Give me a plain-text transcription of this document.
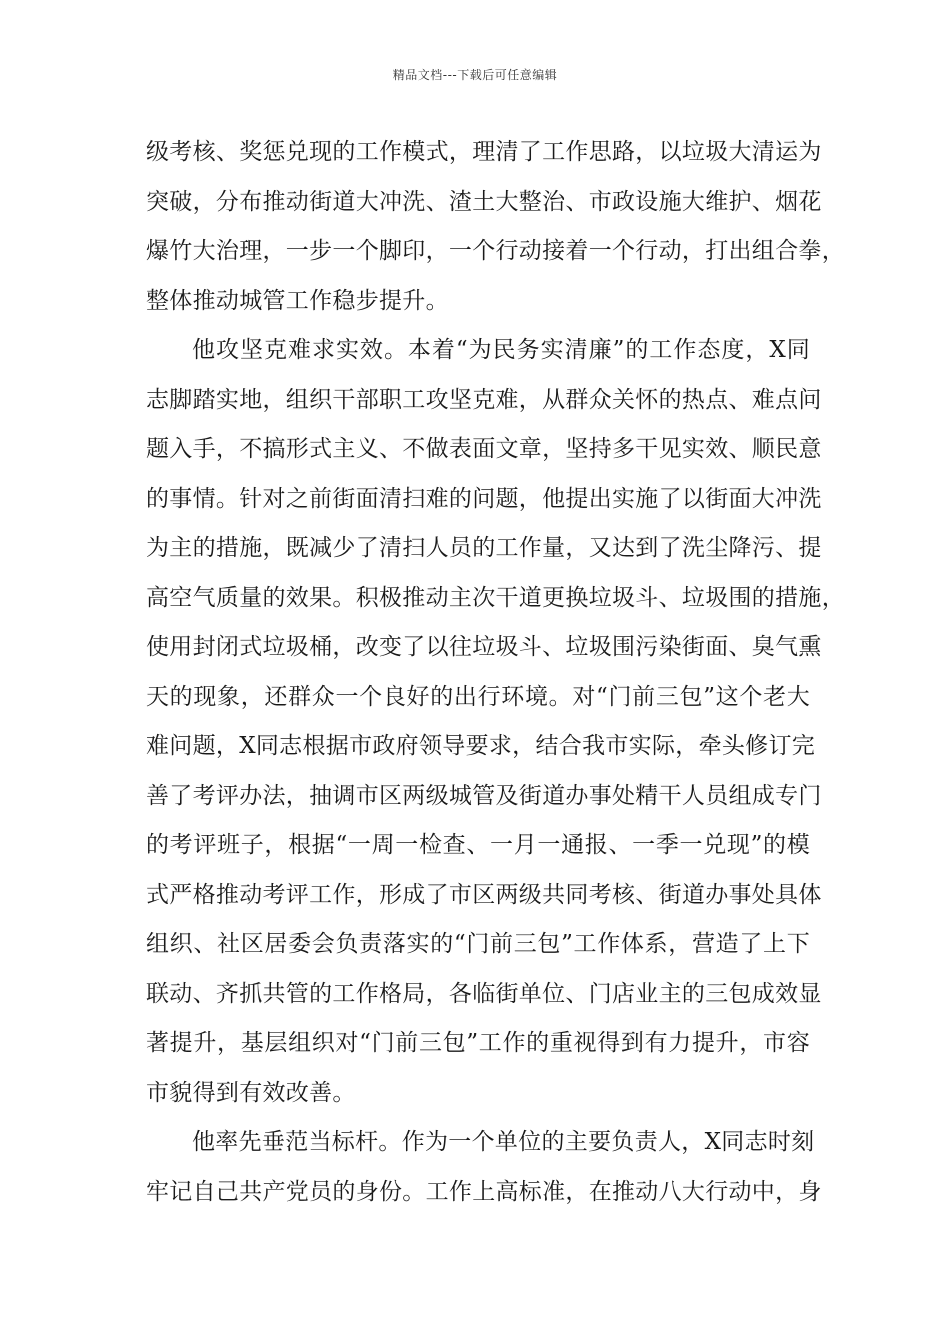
精品文档---下载后可任意编辑
级考核、奖惩兑现的工作模式，理清了工作思路，以垃圾大清运为
突破，分布推动街道大冲洗、渣土大整治、市政设施大维护、烟花
爆竹大治理，一步一个脚印，一个行动接着一个行动，打出组合拳，
整体推动城管工作稳步提升。
他攻坚克难求实效。本着“为民务实清廉”的工作态度，X同
志脚踏实地，组织干部职工攻坚克难，从群众关怀的热点、难点问
题入手，不搞形式主义、不做表面文章，坚持多干见实效、顺民意
的事情。针对之前街面清扫难的问题，他提出实施了以街面大冲洗
为主的措施，既减少了清扫人员的工作量，又达到了洗尘降污、提
高空气质量的效果。积极推动主次干道更换垃圾斗、垃圾围的措施，
使用封闭式垃圾桶，改变了以往垃圾斗、垃圾围污染街面、臭气熏
天的现象，还群众一个良好的出行环境。对“门前三包”这个老大
难问题，X同志根据市政府领导要求，结合我市实际，牵头修订完
善了考评办法，抽调市区两级城管及街道办事处精干人员组成专门
的考评班子，根据“一周一检查、一月一通报、一季一兑现”的模
式严格推动考评工作，形成了市区两级共同考核、街道办事处具体
组织、社区居委会负责落实的“门前三包”工作体系，营造了上下
联动、齐抓共管的工作格局，各临街单位、门店业主的三包成效显
著提升，基层组织对“门前三包”工作的重视得到有力提升，市容
市貌得到有效改善。
他率先垂范当标杆。作为一个单位的主要负责人，X同志时刻
牢记自己共产党员的身份。工作上高标准，在推动八大行动中，身
